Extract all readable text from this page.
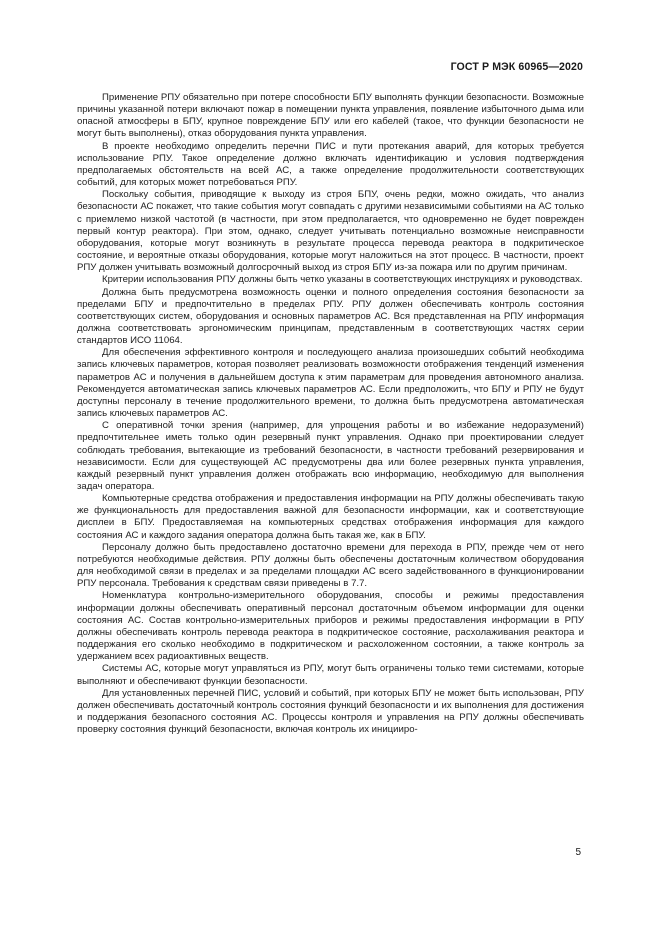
ГОСТ Р МЭК 60965—2020

Применение РПУ обязательно при потере способности БПУ выполнять функции безопасности. Возможные причины указанной потери включают пожар в помещении пункта управления, появление избыточного дыма или опасной атмосферы в БПУ, крупное повреждение БПУ или его кабелей (такое, что функции безопасности не могут быть выполнены), отказ оборудования пункта управления.

В проекте необходимо определить перечни ПИС и пути протекания аварий, для которых требуется использование РПУ. Такое определение должно включать идентификацию и условия подтверждения предполагаемых обстоятельств на всей АС, а также определение продолжительности соответствующих событий, для которых может потребоваться РПУ.

Поскольку события, приводящие к выходу из строя БПУ, очень редки, можно ожидать, что анализ безопасности АС покажет, что такие события могут совпадать с другими независимыми событиями на АС только с приемлемо низкой частотой (в частности, при этом предполагается, что одновременно не будет поврежден первый контур реактора). При этом, однако, следует учитывать потенциально возможные неисправности оборудования, которые могут возникнуть в результате процесса перевода реактора в подкритическое состояние, и вероятные отказы оборудования, которые могут наложиться на этот процесс. В частности, проект РПУ должен учитывать возможный долгосрочный выход из строя БПУ из-за пожара или по другим причинам.

Критерии использования РПУ должны быть четко указаны в соответствующих инструкциях и руководствах.

Должна быть предусмотрена возможность оценки и полного определения состояния безопасности за пределами БПУ и предпочтительно в пределах РПУ. РПУ должен обеспечивать контроль состояния соответствующих систем, оборудования и основных параметров АС. Вся представленная на РПУ информация должна соответствовать эргономическим принципам, представленным в соответствующих частях серии стандартов ИСО 11064.

Для обеспечения эффективного контроля и последующего анализа произошедших событий необходима запись ключевых параметров, которая позволяет реализовать возможности отображения тенденций изменения параметров АС и получения в дальнейшем доступа к этим параметрам для проведения автономного анализа. Рекомендуется автоматическая запись ключевых параметров АС. Если предположить, что БПУ и РПУ не будут доступны персоналу в течение продолжительного времени, то должна быть предусмотрена автоматическая запись ключевых параметров АС.

С оперативной точки зрения (например, для упрощения работы и во избежание недоразумений) предпочтительнее иметь только один резервный пункт управления. Однако при проектировании следует соблюдать требования, вытекающие из требований безопасности, в частности требований резервирования и независимости. Если для существующей АС предусмотрены два или более резервных пункта управления, каждый резервный пункт управления должен отображать всю информацию, необходимую для выполнения задач оператора.

Компьютерные средства отображения и предоставления информации на РПУ должны обеспечивать такую же функциональность для предоставления важной для безопасности информации, как и соответствующие дисплеи в БПУ. Предоставляемая на компьютерных средствах отображения информация для каждого состояния АС и каждого задания оператора должна быть такая же, как в БПУ.

Персоналу должно быть предоставлено достаточно времени для перехода в РПУ, прежде чем от него потребуются необходимые действия. РПУ должны быть обеспечены достаточным количеством оборудования для необходимой связи в пределах и за пределами площадки АС всего задействованного в функционировании РПУ персонала. Требования к средствам связи приведены в 7.7.

Номенклатура контрольно-измерительного оборудования, способы и режимы предоставления информации должны обеспечивать оперативный персонал достаточным объемом информации для оценки состояния АС. Состав контрольно-измерительных приборов и режимы предоставления информации в РПУ должны обеспечивать контроль перевода реактора в подкритическое состояние, расхолаживания реактора и поддержания его сколько необходимо в подкритическом и расхоложенном состоянии, а также контроль за удержанием всех радиоактивных веществ.

Системы АС, которые могут управляться из РПУ, могут быть ограничены только теми системами, которые выполняют и обеспечивают функции безопасности.

Для установленных перечней ПИС, условий и событий, при которых БПУ не может быть использован, РПУ должен обеспечивать достаточный контроль состояния функций безопасности и их выполнения для достижения и поддержания безопасного состояния АС. Процессы контроля и управления на РПУ должны обеспечивать проверку состояния функций безопасности, включая контроль их иницииро-

5
